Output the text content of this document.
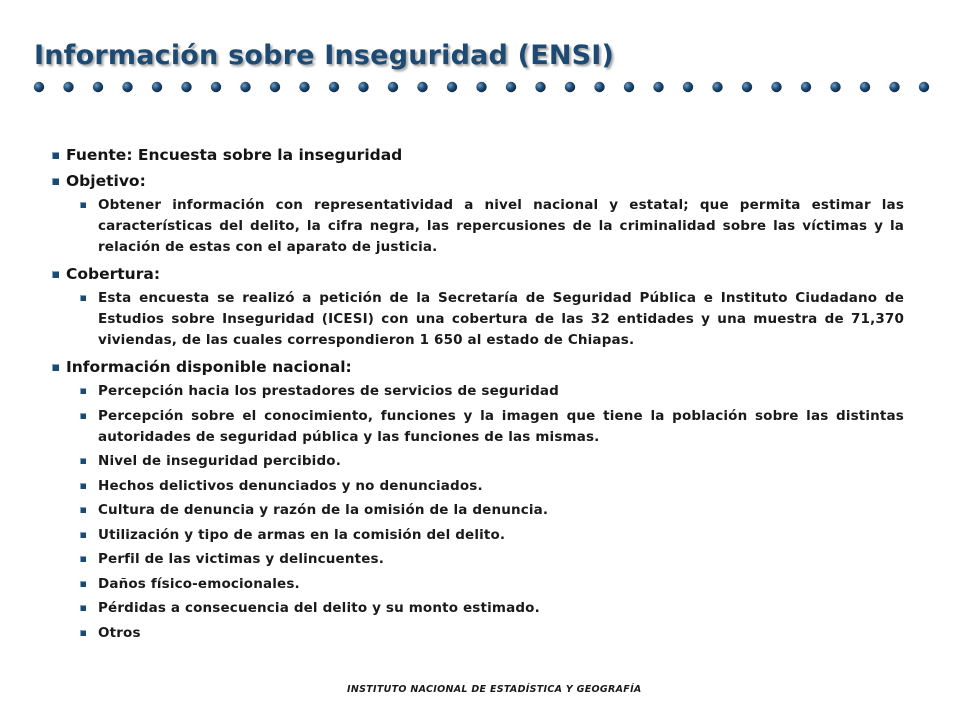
Información sobre Inseguridad (ENSI)
Fuente: Encuesta sobre la inseguridad
Objetivo:
Obtener información con representatividad a nivel nacional y estatal; que permita estimar las características del delito, la cifra negra, las repercusiones de la criminalidad sobre las víctimas y la relación de estas con el aparato de justicia.
Cobertura:
Esta encuesta se realizó a petición de la Secretaría de Seguridad Pública e Instituto Ciudadano de Estudios sobre Inseguridad (ICESI) con una cobertura de las 32 entidades y una muestra de 71,370 viviendas, de las cuales correspondieron 1 650 al estado de Chiapas.
Información disponible nacional:
Percepción hacia los prestadores de servicios de seguridad
Percepción sobre el conocimiento, funciones y la imagen que tiene la población sobre las distintas autoridades de seguridad pública y las funciones de las mismas.
Nivel de inseguridad percibido.
Hechos delictivos denunciados y no denunciados.
Cultura de denuncia y razón de la omisión de la denuncia.
Utilización y tipo de armas en la comisión del delito.
Perfil de las victimas y delincuentes.
Daños físico-emocionales.
Pérdidas a consecuencia del delito y su monto estimado.
Otros
INSTITUTO NACIONAL DE ESTADÍSTICA Y GEOGRAFÍA
